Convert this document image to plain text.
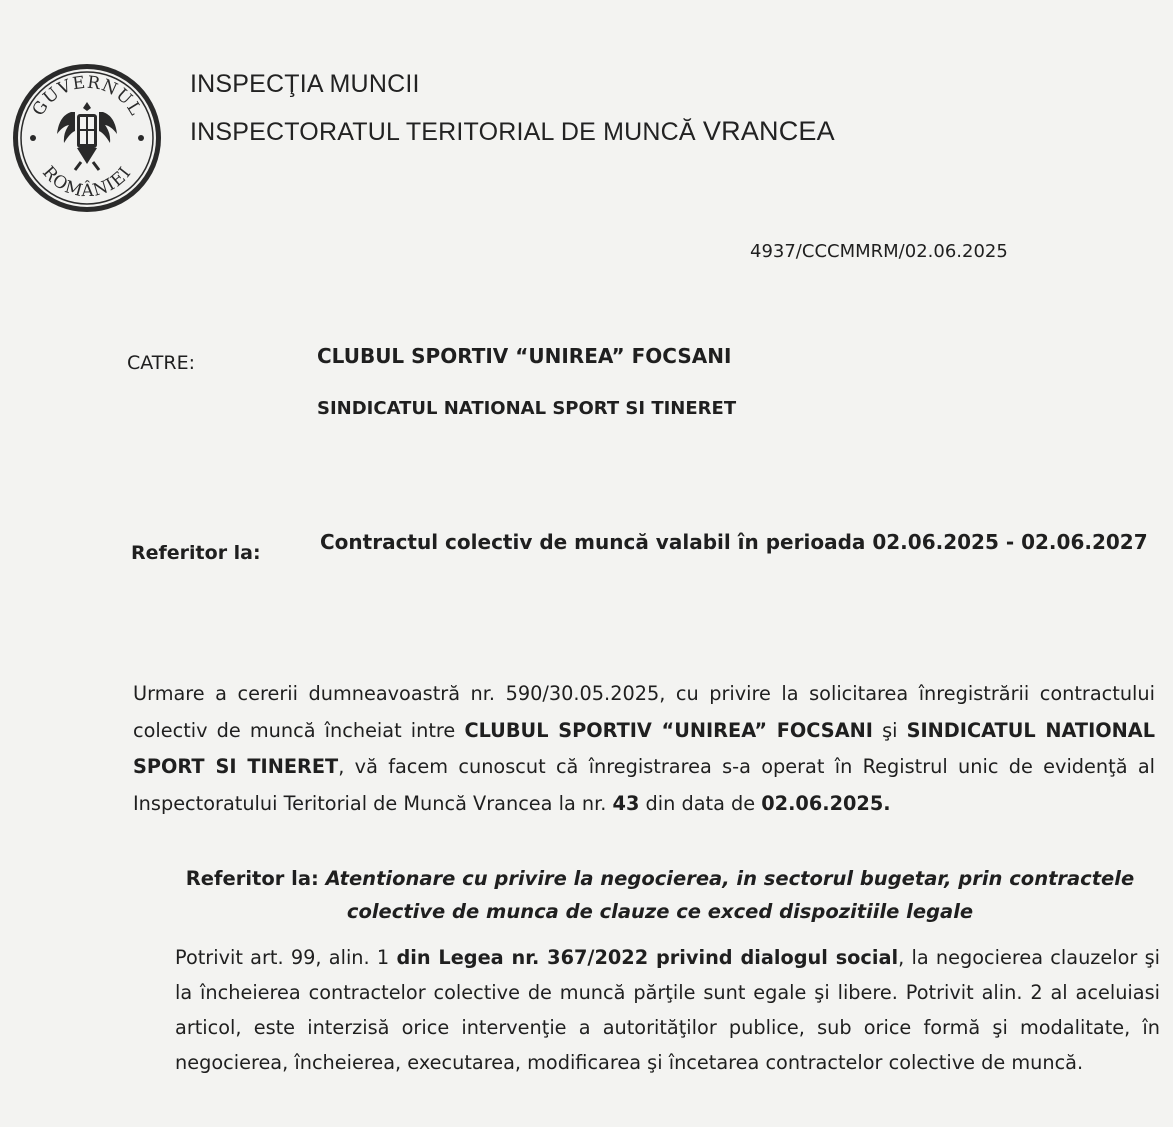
GUVERNUL
ROMÂNIEI
INSPECŢIA MUNCII
INSPECTORATUL TERITORIAL DE MUNCĂ VRANCEA
4937/CCCMMRM/02.06.2025
CATRE:	CLUBUL SPORTIV “UNIREA” FOCSANI
SINDICATUL NATIONAL SPORT SI TINERET
Referitor la:	Contractul colectiv de muncă valabil în perioada 02.06.2025 - 02.06.2027
Urmare a cererii dumneavoastră nr. 590/30.05.2025, cu privire la solicitarea înregistrării contractului colectiv de muncă încheiat intre CLUBUL SPORTIV “UNIREA” FOCSANI şi SINDICATUL NATIONAL SPORT SI TINERET, vă facem cunoscut că înregistrarea s-a operat în Registrul unic de evidenţă al Inspectoratului Teritorial de Muncă Vrancea la nr. 43 din data de 02.06.2025.
Referitor la: Atentionare cu privire la negocierea, in sectorul bugetar, prin contractele colective de munca de clauze ce exced dispozitiile legale
Potrivit art. 99, alin. 1 din Legea nr. 367/2022 privind dialogul social, la negocierea clauzelor şi la încheierea contractelor colective de muncă părţile sunt egale şi libere. Potrivit alin. 2 al aceluiasi articol, este interzisă orice intervenţie a autorităţilor publice, sub orice formă şi modalitate, în negocierea, încheierea, executarea, modificarea şi încetarea contractelor colective de muncă.
